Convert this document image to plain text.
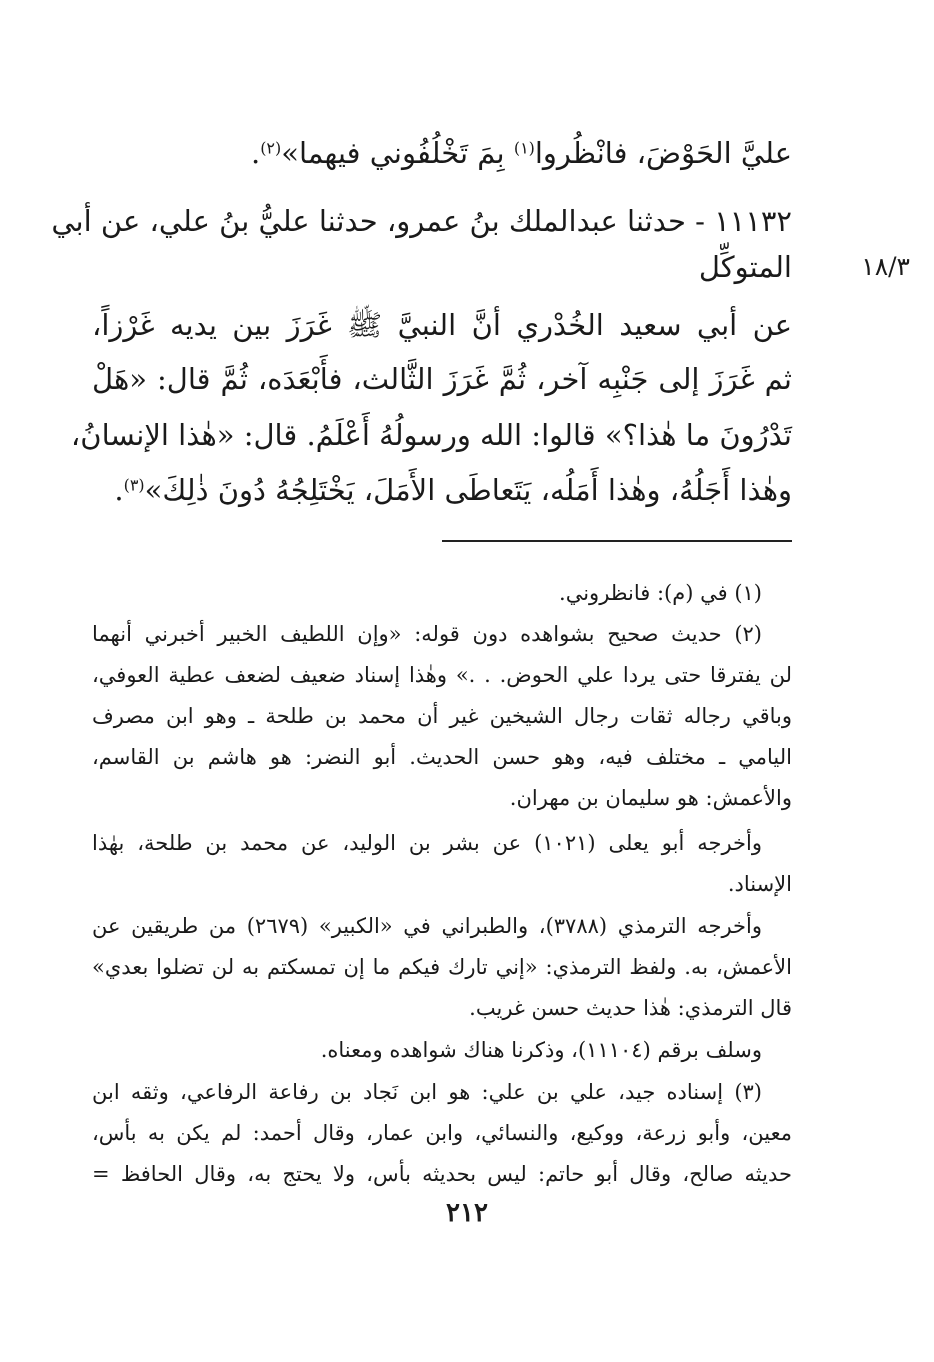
عليَّ الحَوْضَ، فانْظُروا$^{(١)}$ بِمَ تَخْلُفُوني فيهما»$^{(٢)}$.
١١١٣٢ - حدثنا عبدالملك بنُ عمرو، حدثنا عليُّ بنُ علي، عن أبي
المتوكِّل	١٨/٣
عن أبي سعيد الخُدْري أنَّ النبيَّ ﷺ غَرَزَ بين يديه غَرْزاً،
ثم غَرَزَ إلى جَنْبِه آخر، ثُمَّ غَرَزَ الثَّالث، فأَبْعَدَه، ثُمَّ قال: «هَلْ
تَدْرُونَ ما هٰذا؟» قالوا: الله ورسولُهُ أَعْلَمُ. قال: «هٰذا الإنسانُ،
وهٰذا أَجَلُهُ، وهٰذا أَمَلُه، يَتَعاطَى الأَمَلَ، يَخْتَلِجُهُ دُونَ ذٰلِكَ»$^{(٣)}$.
(١) في (م): فانظروني.
(٢) حديث صحيح بشواهده دون قوله: «وإن اللطيف الخبير أخبرني أنهما
لن يفترقا حتى يردا علي الحوض. . .» وهٰذا إسناد ضعيف لضعف عطية العوفي،
وباقي رجاله ثقات رجال الشيخين غير أن محمد بن طلحة ـ وهو ابن مصرف
اليامي ـ مختلف فيه، وهو حسن الحديث. أبو النضر: هو هاشم بن القاسم،
والأعمش: هو سليمان بن مهران.
وأخرجه أبو يعلى (١٠٢١) عن بشر بن الوليد، عن محمد بن طلحة، بهٰذا
الإسناد.
وأخرجه الترمذي (٣٧٨٨)، والطبراني في «الكبير» (٢٦٧٩) من طريقين عن
الأعمش، به. ولفظ الترمذي: «إني تارك فيكم ما إن تمسكتم به لن تضلوا بعدي»
قال الترمذي: هٰذا حديث حسن غريب.
وسلف برقم (١١١٠٤)، وذكرنا هناك شواهده ومعناه.
(٣) إسناده جيد، علي بن علي: هو ابن نَجاد بن رفاعة الرفاعي، وثقه ابن
معين، وأبو زرعة، ووكيع، والنسائي، وابن عمار، وقال أحمد: لم يكن به بأس،
حديثه صالح، وقال أبو حاتم: ليس بحديثه بأس، ولا يحتج به، وقال الحافظ =
٢١٢
